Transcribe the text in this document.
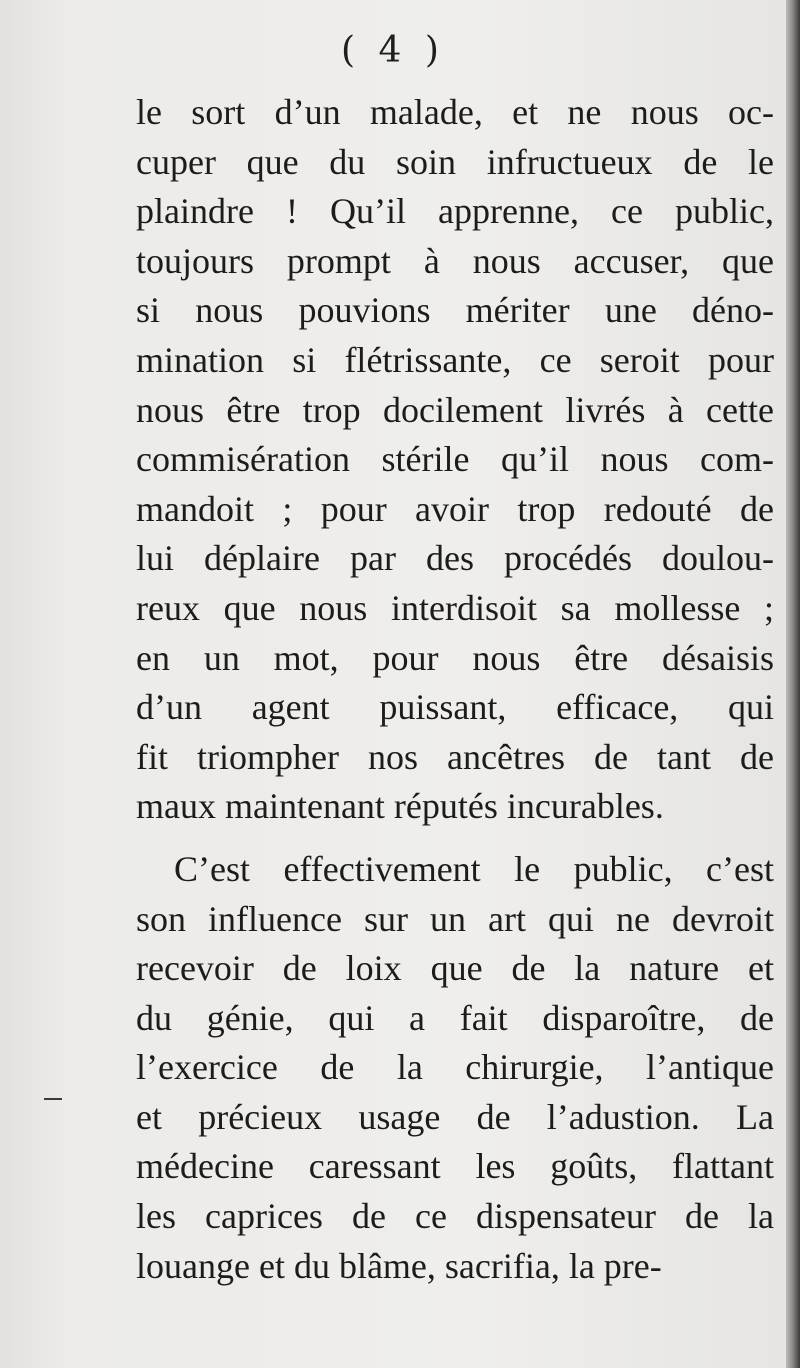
( 4 )
le sort d’un malade, et ne nous oc-
cuper que du soin infructueux de le
plaindre ! Qu’il apprenne, ce public,
toujours prompt à nous accuser, que
si nous pouvions mériter une déno-
mination si flétrissante, ce seroit pour
nous être trop docilement livrés à cette
commisération stérile qu’il nous com-
mandoit ; pour avoir trop redouté de
lui déplaire par des procédés doulou-
reux que nous interdisoit sa mollesse ;
en un mot, pour nous être désaisis
d’un agent puissant, efficace, qui
fit triompher nos ancêtres de tant de
maux maintenant réputés incurables.
C’est effectivement le public, c’est
son influence sur un art qui ne devroit
recevoir de loix que de la nature et
du génie, qui a fait disparoître, de
l’exercice de la chirurgie, l’antique
et précieux usage de l’adustion. La
médecine caressant les goûts, flattant
les caprices de ce dispensateur de la
louange et du blâme, sacrifia, la pre-
